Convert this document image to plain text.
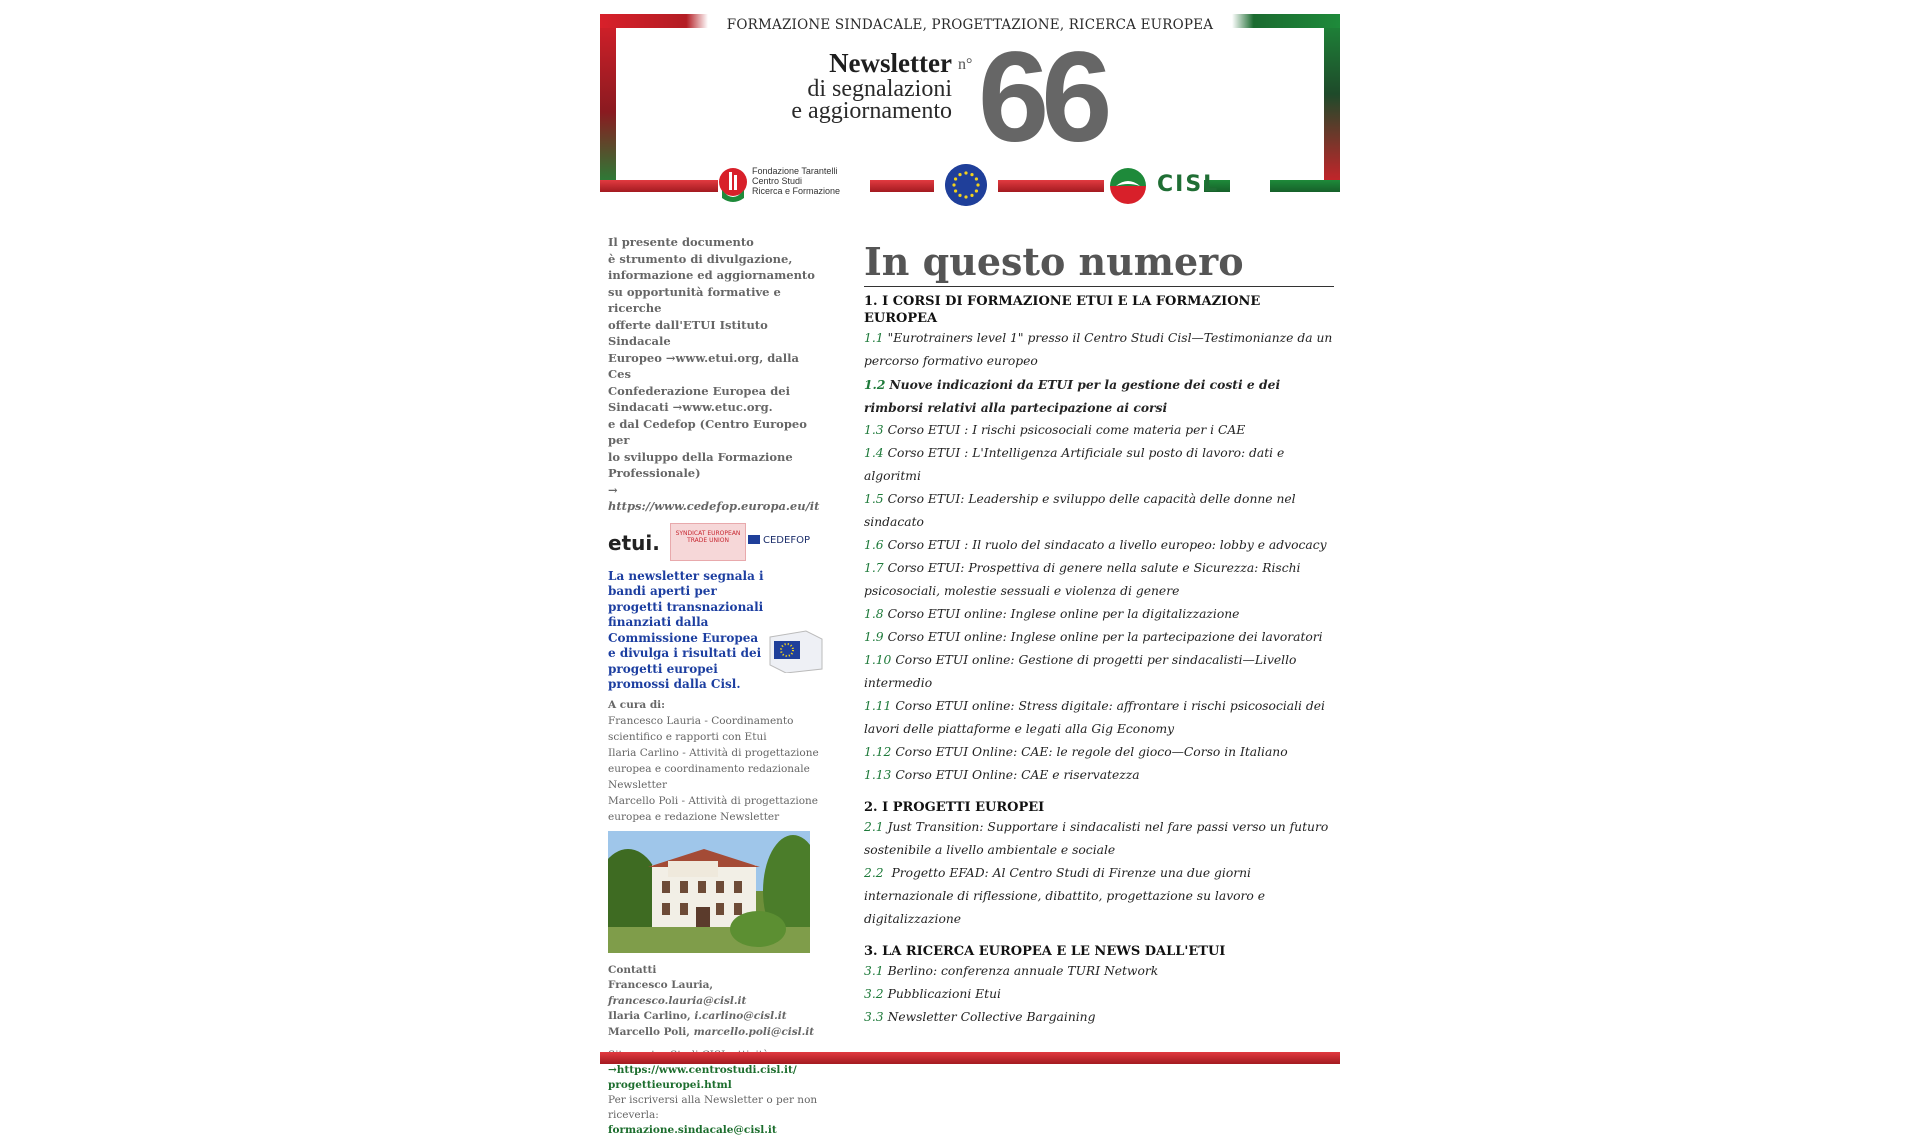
FORMAZIONE SINDACALE, PROGETTAZIONE, RICERCA EUROPEA
Newsletter
di segnalazioni
e aggiornamento
n° 66
Fondazione Tarantelli
Centro Studi
Ricerca e Formazione	CISL
Il presente documento
è strumento di divulgazione,
informazione ed aggiornamento
su opportunità formative e ricerche
offerte dall'ETUI Istituto Sindacale
Europeo →www.etui.org, dalla Ces
Confederazione Europea dei
Sindacati →www.etuc.org.
e dal Cedefop (Centro Europeo per
lo sviluppo della Formazione
Professionale)
→ https://www.cedefop.europa.eu/it
etui.	SYNDICAT EUROPEAN TRADE UNION	CEDEFOP
La newsletter segnala i bandi aperti per progetti transnazionali finanziati dalla Commissione Europea e divulga i risultati dei progetti europei promossi dalla Cisl.
A cura di:
Francesco Lauria - Coordinamento
scientifico e rapporti con Etui
Ilaria Carlino - Attività di progettazione
europea e coordinamento redazionale
Newsletter
Marcello Poli - Attività di progettazione
europea e redazione Newsletter
Contatti
Francesco Lauria,
francesco.lauria@cisl.it
Ilaria Carlino, i.carlino@cisl.it
Marcello Poli, marcello.poli@cisl.it
→https://www.centrostudi.cisl.it/
progettieuropei.html
Per iscriversi alla Newsletter o per non
riceverla:
formazione.sindacale@cisl.it
In questo numero
1. I CORSI DI FORMAZIONE ETUI E LA FORMAZIONE EUROPEA
1.1 "Eurotrainers level 1" presso il Centro Studi Cisl—Testimonianze da un percorso formativo europeo
1.2 Nuove indicazioni da ETUI per la gestione dei costi e dei rimborsi relativi alla partecipazione ai corsi
1.3 Corso ETUI : I rischi psicosociali come materia per i CAE
1.4 Corso ETUI : L'Intelligenza Artificiale sul posto di lavoro: dati e algoritmi
1.5 Corso ETUI: Leadership e sviluppo delle capacità delle donne nel sindacato
1.6 Corso ETUI : Il ruolo del sindacato a livello europeo: lobby e advocacy
1.7 Corso ETUI: Prospettiva di genere nella salute e Sicurezza: Rischi psicosociali, molestie sessuali e violenza di genere
1.8 Corso ETUI online: Inglese online per la digitalizzazione
1.9 Corso ETUI online: Inglese online per la partecipazione dei lavoratori
1.10 Corso ETUI online: Gestione di progetti per sindacalisti—Livello intermedio
1.11 Corso ETUI online: Stress digitale: affrontare i rischi psicosociali dei lavori delle piattaforme e legati alla Gig Economy
1.12 Corso ETUI Online: CAE: le regole del gioco—Corso in Italiano
1.13 Corso ETUI Online: CAE e riservatezza
2. I PROGETTI EUROPEI
2.1 Just Transition: Supportare i sindacalisti nel fare passi verso un futuro sostenibile a livello ambientale e sociale
2.2 Progetto EFAD: Al Centro Studi di Firenze una due giorni internazionale di riflessione, dibattito, progettazione su lavoro e digitalizzazione
3. LA RICERCA EUROPEA E LE NEWS DALL'ETUI
3.1 Berlino: conferenza annuale TURI Network
3.2 Pubblicazioni Etui
3.3 Newsletter Collective Bargaining
